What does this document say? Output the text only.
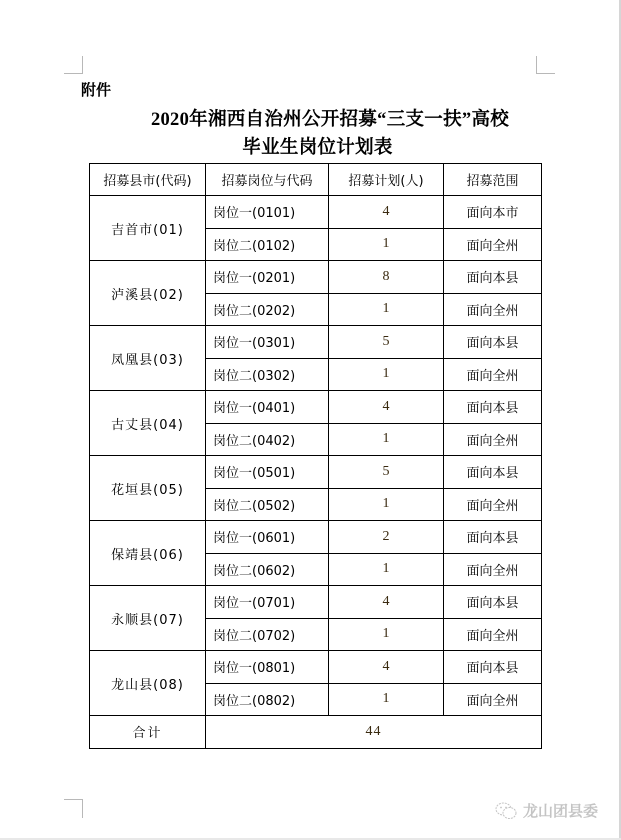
附件
2020年湘西自治州公开招募“三支一扶”高校
毕业生岗位计划表
招募县市(代码)	招募岗位与代码	招募计划(人)	招募范围
吉首市(01)	岗位一(0101)	4	面向本市
	岗位二(0102)	1	面向全州
泸溪县(02)	岗位一(0201)	8	面向本县
	岗位二(0202)	1	面向全州
凤凰县(03)	岗位一(0301)	5	面向本县
	岗位二(0302)	1	面向全州
古丈县(04)	岗位一(0401)	4	面向本县
	岗位二(0402)	1	面向全州
花垣县(05)	岗位一(0501)	5	面向本县
	岗位二(0502)	1	面向全州
保靖县(06)	岗位一(0601)	2	面向本县
	岗位二(0602)	1	面向全州
永顺县(07)	岗位一(0701)	4	面向本县
	岗位二(0702)	1	面向全州
龙山县(08)	岗位一(0801)	4	面向本县
	岗位二(0802)	1	面向全州
合计	44		
龙山团县委
